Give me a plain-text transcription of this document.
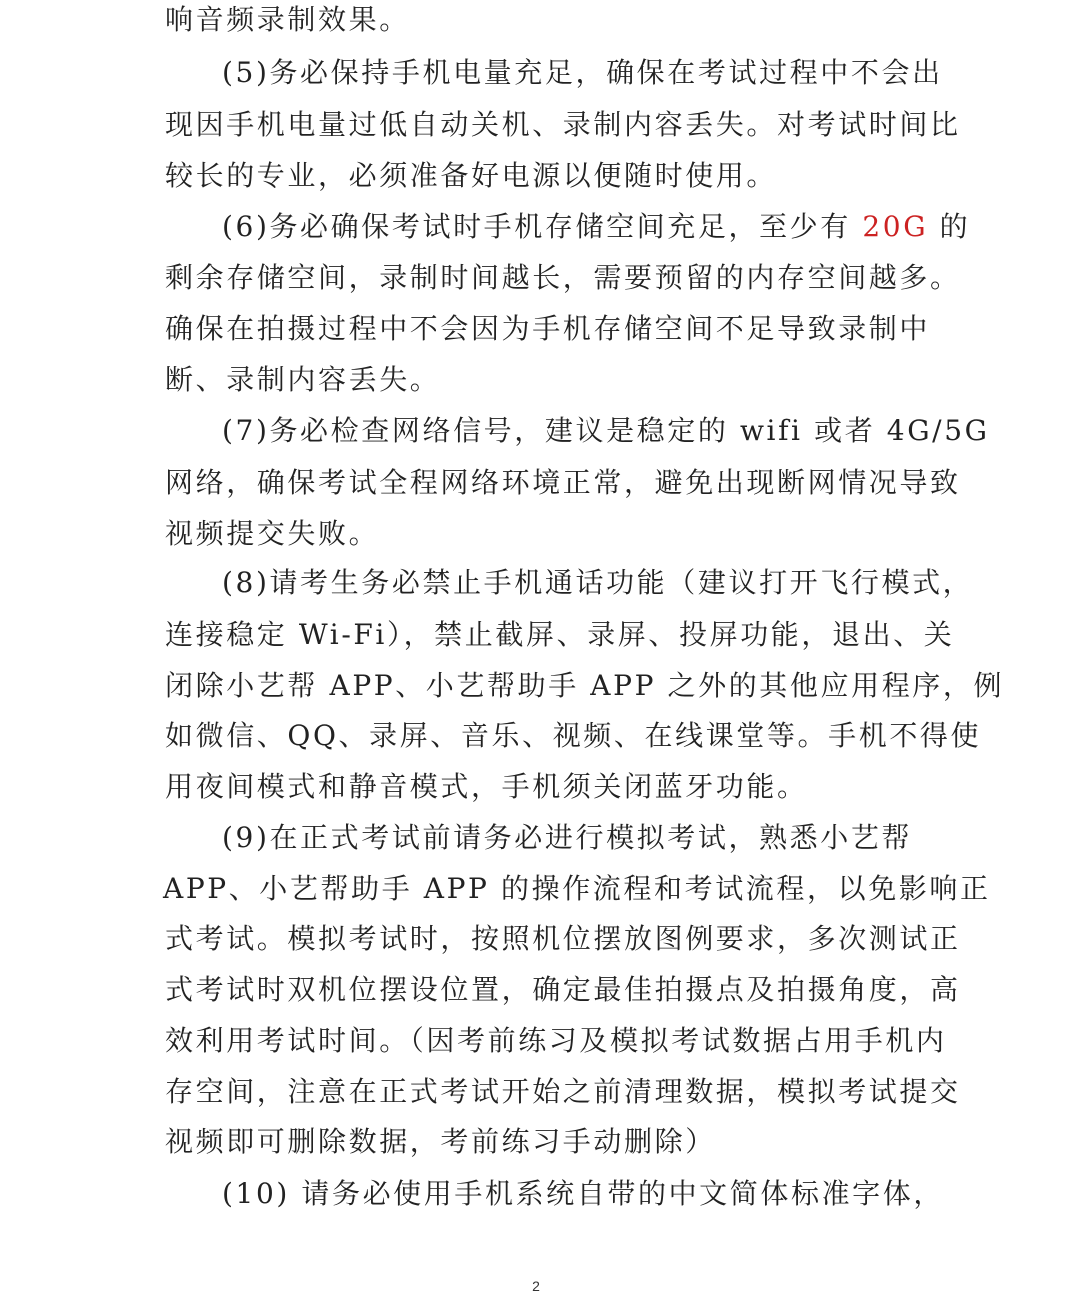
响音频录制效果。
(5)务必保持手机电量充足，确保在考试过程中不会出
现因手机电量过低自动关机、录制内容丢失。对考试时间比
较长的专业，必须准备好电源以便随时使用。
(6)务必确保考试时手机存储空间充足，至少有 20G 的
剩余存储空间，录制时间越长，需要预留的内存空间越多。
确保在拍摄过程中不会因为手机存储空间不足导致录制中
断、录制内容丢失。
(7)务必检查网络信号，建议是稳定的 wifi 或者 4G/5G
网络，确保考试全程网络环境正常，避免出现断网情况导致
视频提交失败。
(8)请考生务必禁止手机通话功能（建议打开飞行模式，
连接稳定 Wi-Fi），禁止截屏、录屏、投屏功能，退出、关
闭除小艺帮 APP、小艺帮助手 APP 之外的其他应用程序，例
如微信、QQ、录屏、音乐、视频、在线课堂等。手机不得使
用夜间模式和静音模式，手机须关闭蓝牙功能。
(9)在正式考试前请务必进行模拟考试，熟悉小艺帮
APP、小艺帮助手 APP 的操作流程和考试流程，以免影响正
式考试。模拟考试时，按照机位摆放图例要求，多次测试正
式考试时双机位摆设位置，确定最佳拍摄点及拍摄角度，高
效利用考试时间。（因考前练习及模拟考试数据占用手机内
存空间，注意在正式考试开始之前清理数据，模拟考试提交
视频即可删除数据，考前练习手动删除）
(10) 请务必使用手机系统自带的中文简体标准字体，
2
